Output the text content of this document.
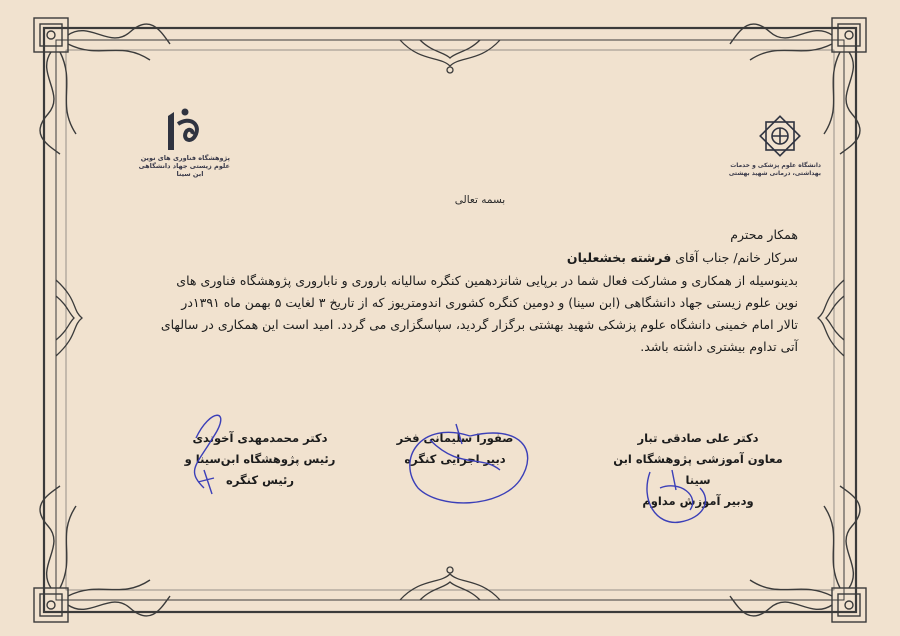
پژوهشگاه فناوری های نوین
علوم زیستی جهاد دانشگاهی
ابن سینا
دانشگاه علوم پزشکی و خدمات
بهداشتی، درمانی شهید بهشتی
بسمه تعالی
همکار محترم
سرکار خانم/ جناب آقای فرشته بخشعلیان
بدینوسیله از همکاری و مشارکت فعال شما در برپایی شانزدهمین کنگره سالیانه باروری و ناباروری پژوهشگاه فناوری های
نوین علوم زیستی جهاد دانشگاهی (ابن سینا) و دومین کنگره کشوری اندومتریوز که از تاریخ ۳ لغایت ۵ بهمن ماه ۱۳۹۱در
تالار امام خمینی دانشگاه علوم پزشکی شهید بهشتی برگزار گردید، سپاسگزاری می گردد. امید است این همکاری در سالهای
آتی تداوم بیشتری داشته باشد.
دکتر علی صادقی تبار
معاون آموزشی پژوهشگاه ابن سینا
ودبیر آموزش مداوم
صفورا سلیمانی فخر
دبیر اجرایی کنگره
دکتر محمدمهدی آخوندی
رئیس پژوهشگاه ابن‌سینا و
رئیس کنگره
